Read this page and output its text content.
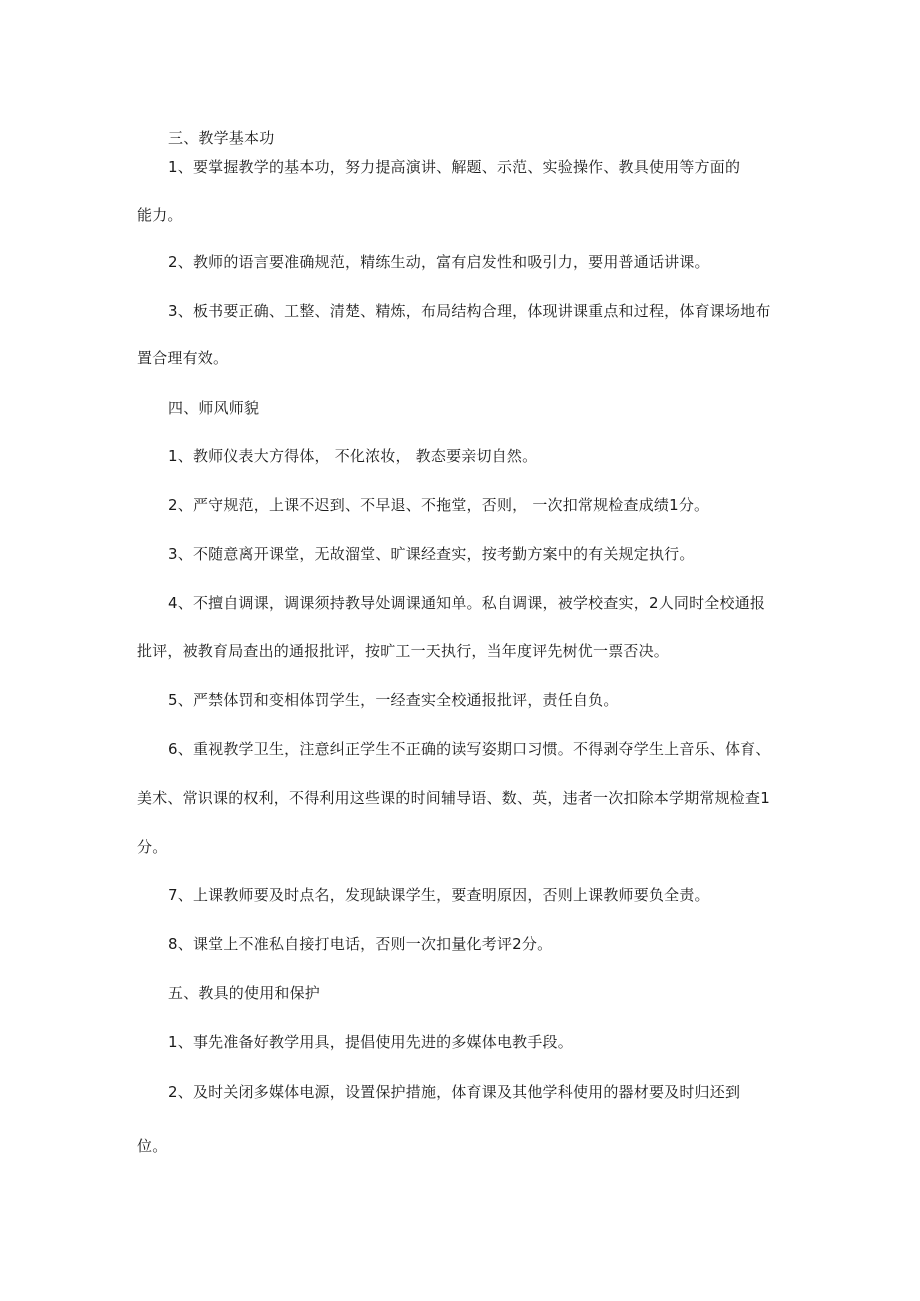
三、教学基本功
1、要掌握教学的基本功，努力提高演讲、解题、示范、实验操作、教具使用等方面的
能力。
2、教师的语言要准确规范，精练生动，富有启发性和吸引力，要用普通话讲课。
3、板书要正确、工整、清楚、精炼，布局结构合理，体现讲课重点和过程，体育课场地布
置合理有效。
四、师风师貌
1、教师仪表大方得体， 不化浓妆， 教态要亲切自然。
2、严守规范，上课不迟到、不早退、不拖堂，否则， 一次扣常规检查成绩1分。
3、不随意离开课堂，无故溜堂、旷课经查实，按考勤方案中的有关规定执行。
4、不擅自调课，调课须持教导处调课通知单。私自调课，被学校查实，2人同时全校通报
批评，被教育局查出的通报批评，按旷工一天执行，当年度评先树优一票否决。
5、严禁体罚和变相体罚学生，一经查实全校通报批评，责任自负。
6、重视教学卫生，注意纠正学生不正确的读写姿期口习惯。不得剥夺学生上音乐、体育、
美术、常识课的权利，不得利用这些课的时间辅导语、数、英，违者一次扣除本学期常规检查1
分。
7、上课教师要及时点名，发现缺课学生，要查明原因，否则上课教师要负全责。
8、课堂上不准私自接打电话，否则一次扣量化考评2分。
五、教具的使用和保护
1、事先准备好教学用具，提倡使用先进的多媒体电教手段。
2、及时关闭多媒体电源，设置保护措施，体育课及其他学科使用的器材要及时归还到
位。
